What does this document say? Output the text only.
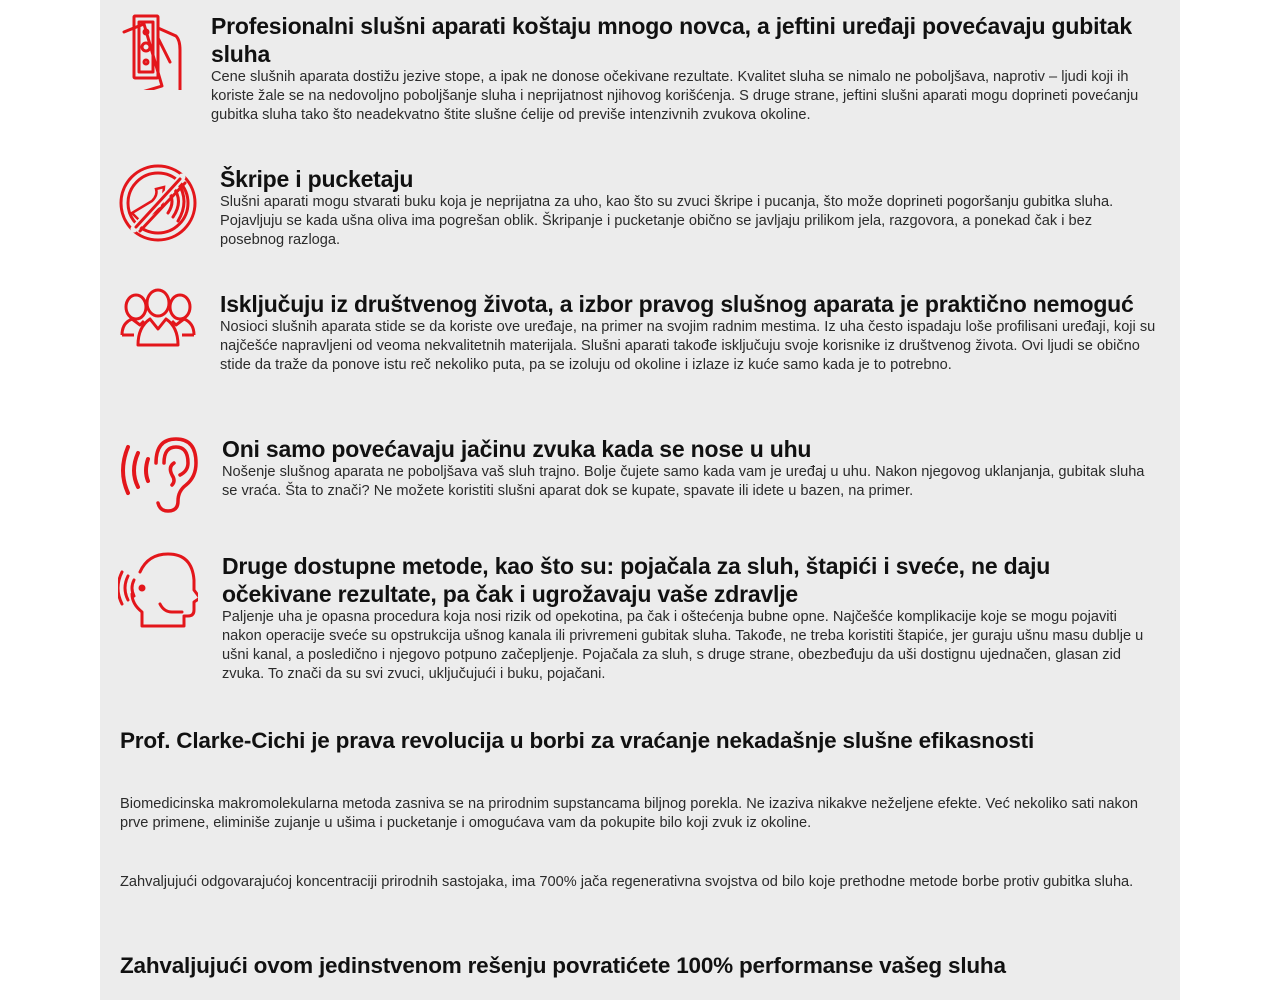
Profesionalni slušni aparati koštaju mnogo novca, a jeftini uređaji povećavaju gubitak sluha

Cene slušnih aparata dostižu jezive stope, a ipak ne donose očekivane rezultate. Kvalitet sluha se nimalo ne poboljšava, naprotiv – ljudi koji ih koriste žale se na nedovoljno poboljšanje sluha i neprijatnost njihovog korišćenja. S druge strane, jeftini slušni aparati mogu doprineti povećanju gubitka sluha tako što neadekvatno štite slušne ćelije od previše intenzivnih zvukova okoline.

Škripe i pucketaju

Slušni aparati mogu stvarati buku koja je neprijatna za uho, kao što su zvuci škripe i pucanja, što može doprineti pogoršanju gubitka sluha. Pojavljuju se kada ušna oliva ima pogrešan oblik. Škripanje i pucketanje obično se javljaju prilikom jela, razgovora, a ponekad čak i bez posebnog razloga.

Isključuju iz društvenog života, a izbor pravog slušnog aparata je praktično nemoguć

Nosioci slušnih aparata stide se da koriste ove uređaje, na primer na svojim radnim mestima. Iz uha često ispadaju loše profilisani uređaji, koji su najčešće napravljeni od veoma nekvalitetnih materijala. Slušni aparati takođe isključuju svoje korisnike iz društvenog života. Ovi ljudi se obično stide da traže da ponove istu reč nekoliko puta, pa se izoluju od okoline i izlaze iz kuće samo kada je to potrebno.

Oni samo povećavaju jačinu zvuka kada se nose u uhu

Nošenje slušnog aparata ne poboljšava vaš sluh trajno. Bolje čujete samo kada vam je uređaj u uhu. Nakon njegovog uklanjanja, gubitak sluha se vraća. Šta to znači? Ne možete koristiti slušni aparat dok se kupate, spavate ili idete u bazen, na primer.

Druge dostupne metode, kao što su: pojačala za sluh, štapići i sveće, ne daju očekivane rezultate, pa čak i ugrožavaju vaše zdravlje

Paljenje uha je opasna procedura koja nosi rizik od opekotina, pa čak i oštećenja bubne opne. Najčešće komplikacije koje se mogu pojaviti nakon operacije sveće su opstrukcija ušnog kanala ili privremeni gubitak sluha. Takođe, ne treba koristiti štapiće, jer guraju ušnu masu dublje u ušni kanal, a posledično i njegovo potpuno začepljenje. Pojačala za sluh, s druge strane, obezbeđuju da uši dostignu ujednačen, glasan zid zvuka. To znači da su svi zvuci, uključujući i buku, pojačani.

Prof. Clarke-Cichi je prava revolucija u borbi za vraćanje nekadašnje slušne efikasnosti

Biomedicinska makromolekularna metoda zasniva se na prirodnim supstancama biljnog porekla. Ne izaziva nikakve neželjene efekte. Već nekoliko sati nakon prve primene, eliminiše zujanje u ušima i pucketanje i omogućava vam da pokupite bilo koji zvuk iz okoline.

Zahvaljujući odgovarajućoj koncentraciji prirodnih sastojaka, ima 700% jača regenerativna svojstva od bilo koje prethodne metode borbe protiv gubitka sluha.

Zahvaljujući ovom jedinstvenom rešenju povratićete 100% performanse vašeg sluha
